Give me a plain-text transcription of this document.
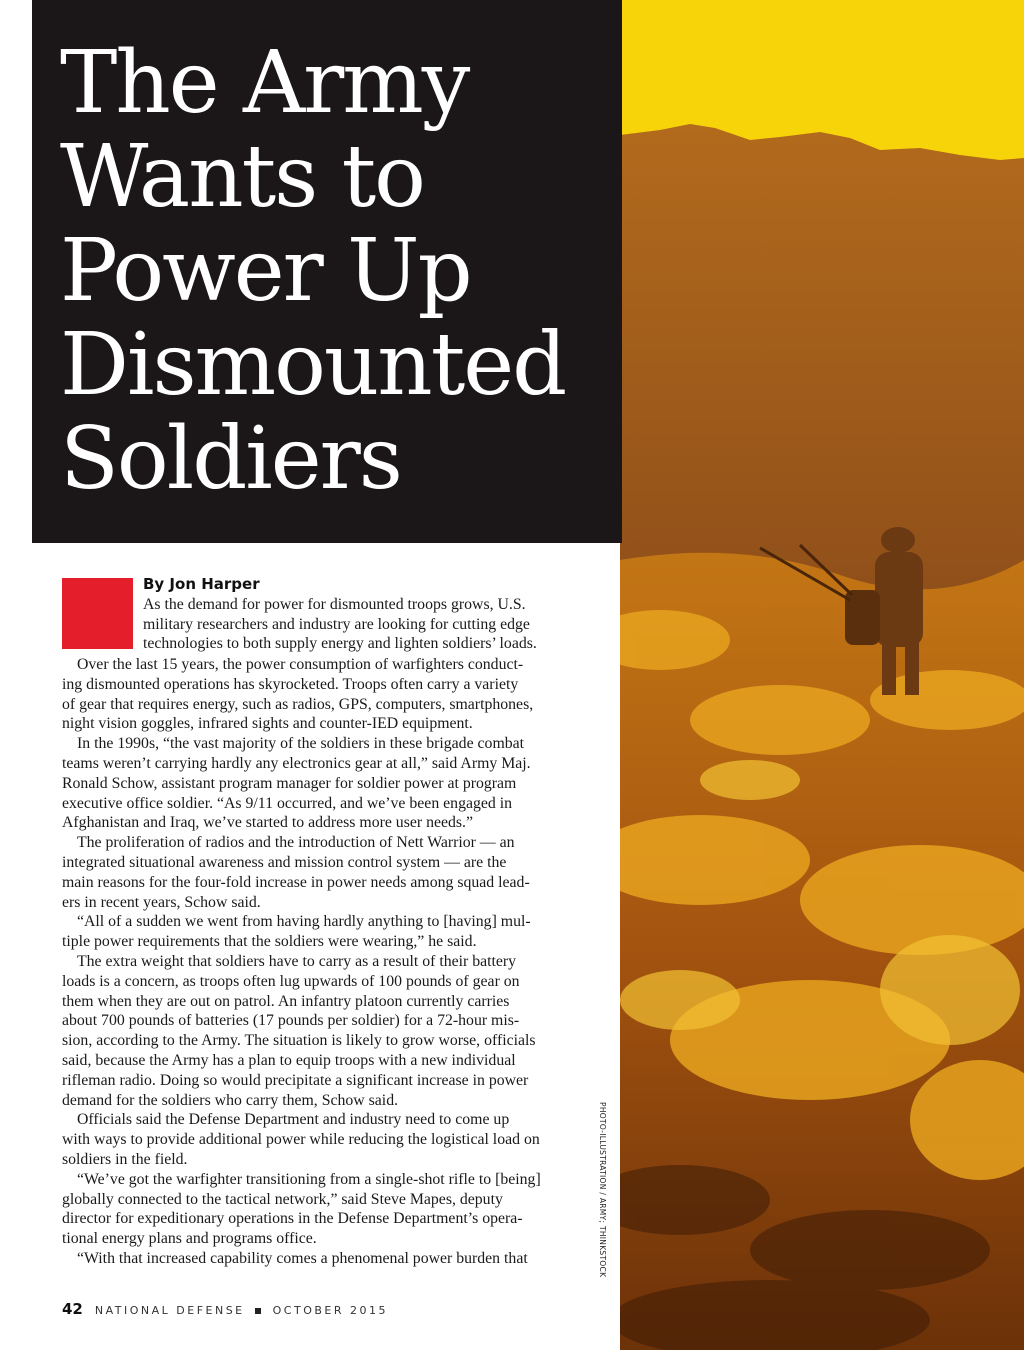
The Army
Wants to
Power Up
Dismounted
Soldiers
By Jon Harper
As the demand for power for dismounted troops grows, U.S.
military researchers and industry are looking for cutting edge
technologies to both supply energy and lighten soldiers’ loads.
Over the last 15 years, the power consumption of warfighters conduct-
ing dismounted operations has skyrocketed. Troops often carry a variety
of gear that requires energy, such as radios, GPS, computers, smartphones,
night vision goggles, infrared sights and counter-IED equipment.
In the 1990s, “the vast majority of the soldiers in these brigade combat
teams weren’t carrying hardly any electronics gear at all,” said Army Maj.
Ronald Schow, assistant program manager for soldier power at program
executive office soldier. “As 9/11 occurred, and we’ve been engaged in
Afghanistan and Iraq, we’ve started to address more user needs.”
The proliferation of radios and the introduction of Nett Warrior — an
integrated situational awareness and mission control system — are the
main reasons for the four-fold increase in power needs among squad lead-
ers in recent years, Schow said.
“All of a sudden we went from having hardly anything to [having] mul-
tiple power requirements that the soldiers were wearing,” he said.
The extra weight that soldiers have to carry as a result of their battery
loads is a concern, as troops often lug upwards of 100 pounds of gear on
them when they are out on patrol. An infantry platoon currently carries
about 700 pounds of batteries (17 pounds per soldier) for a 72-hour mis-
sion, according to the Army. The situation is likely to grow worse, officials
said, because the Army has a plan to equip troops with a new individual
rifleman radio. Doing so would precipitate a significant increase in power
demand for the soldiers who carry them, Schow said.
Officials said the Defense Department and industry need to come up
with ways to provide additional power while reducing the logistical load on
soldiers in the field.
“We’ve got the warfighter transitioning from a single-shot rifle to [being]
globally connected to the tactical network,” said Steve Mapes, deputy
director for expeditionary operations in the Defense Department’s opera-
tional energy plans and programs office.
“With that increased capability comes a phenomenal power burden that	PHOTO-ILLUSTRATION / ARMY; THINKSTOCK
42 NATIONAL DEFENSE	OCTOBER 2015
